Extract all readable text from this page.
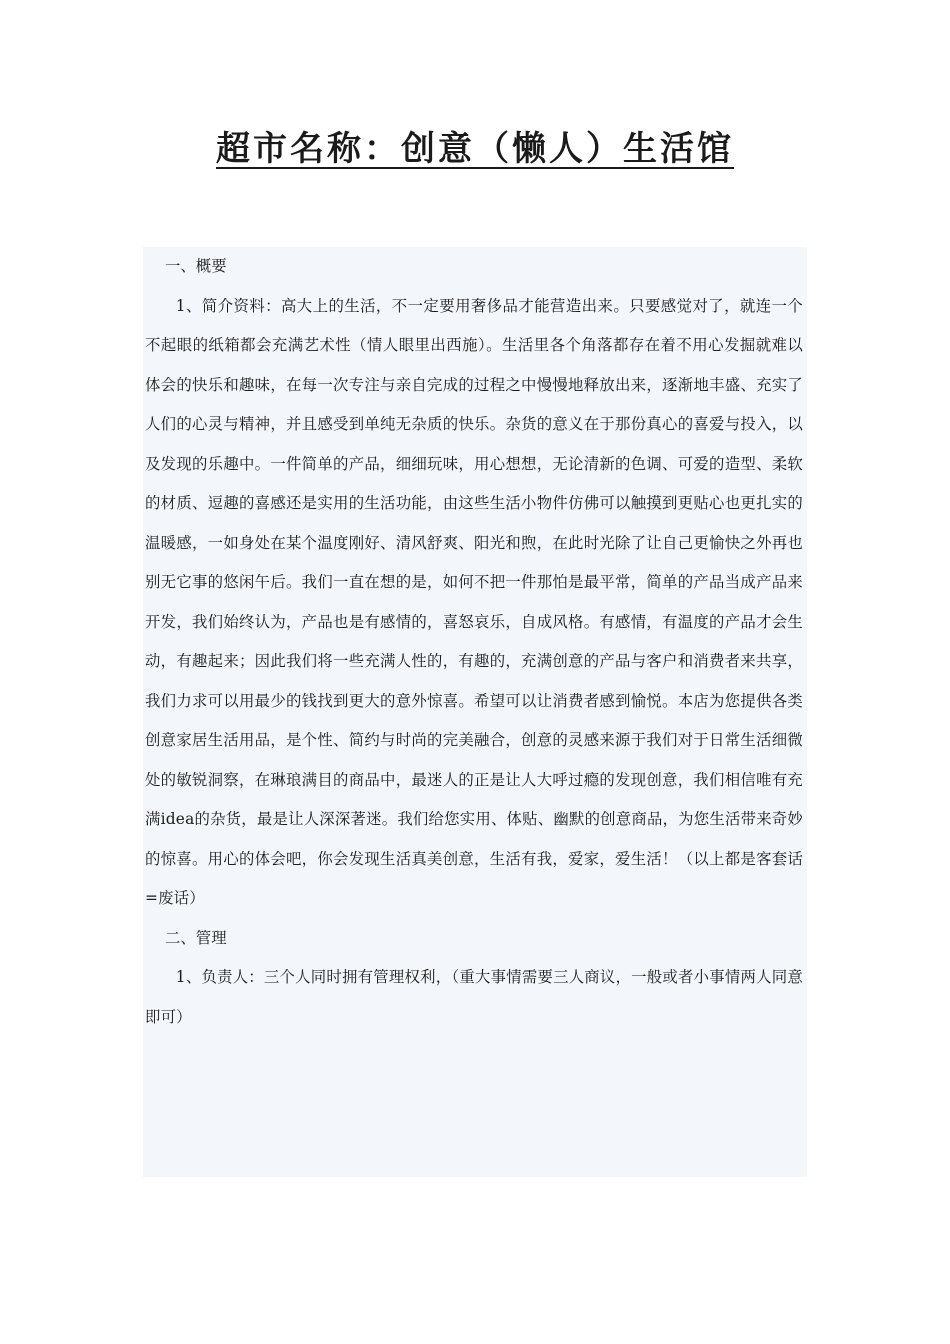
超市名称：创意（懒人）生活馆

一、概要

1、简介资料：高大上的生活，不一定要用奢侈品才能营造出来。只要感觉对了，就连一个不起眼的纸箱都会充满艺术性（情人眼里出西施）。生活里各个角落都存在着不用心发掘就难以体会的快乐和趣味，在每一次专注与亲自完成的过程之中慢慢地释放出来，逐渐地丰盛、充实了人们的心灵与精神，并且感受到单纯无杂质的快乐。杂货的意义在于那份真心的喜爱与投入，以及发现的乐趣中。一件简单的产品，细细玩味，用心想想，无论清新的色调、可爱的造型、柔软的材质、逗趣的喜感还是实用的生活功能，由这些生活小物件仿佛可以触摸到更贴心也更扎实的温暖感，一如身处在某个温度刚好、清风舒爽、阳光和煦，在此时光除了让自己更愉快之外再也别无它事的悠闲午后。我们一直在想的是，如何不把一件那怕是最平常，简单的产品当成产品来开发，我们始终认为，产品也是有感情的，喜怒哀乐，自成风格。有感情，有温度的产品才会生动，有趣起来；因此我们将一些充满人性的，有趣的，充满创意的产品与客户和消费者来共享，我们力求可以用最少的钱找到更大的意外惊喜。希望可以让消费者感到愉悦。本店为您提供各类创意家居生活用品，是个性、简约与时尚的完美融合，创意的灵感来源于我们对于日常生活细微处的敏锐洞察，在琳琅满目的商品中，最迷人的正是让人大呼过瘾的发现创意，我们相信唯有充满idea的杂货，最是让人深深著迷。我们给您实用、体贴、幽默的创意商品，为您生活带来奇妙的惊喜。用心的体会吧，你会发现生活真美创意，生活有我，爱家，爱生活！（以上都是客套话=废话）

二、管理

1、负责人：三个人同时拥有管理权利，（重大事情需要三人商议，一般或者小事情两人同意即可）
